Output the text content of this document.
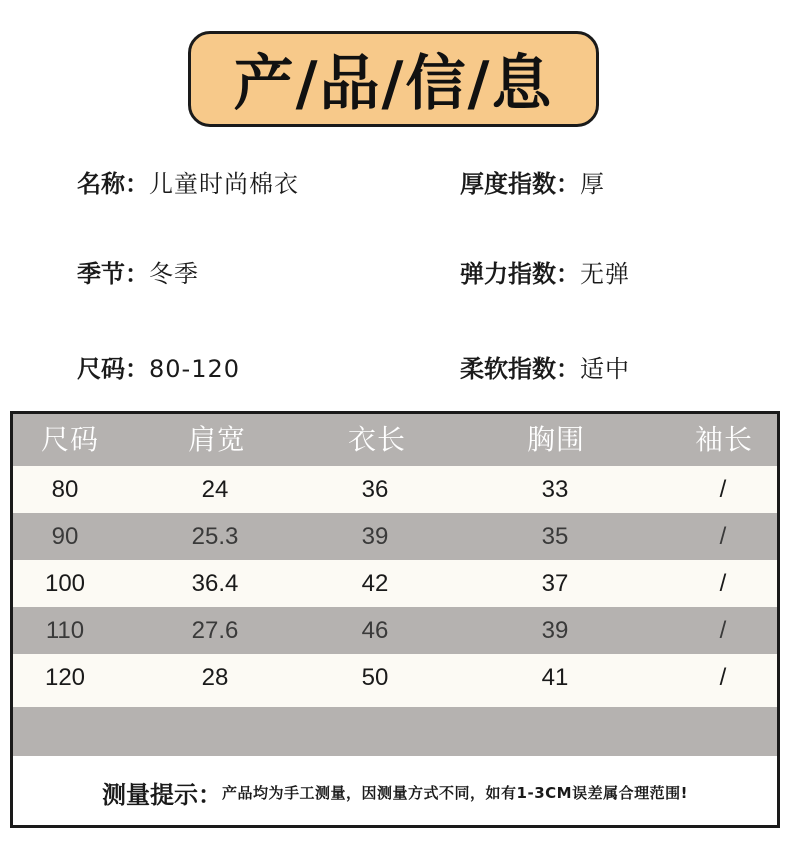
产/品/信/息
名称：儿童时尚棉衣	厚度指数：厚
季节：冬季	弹力指数：无弹
尺码：80-120	柔软指数：适中
尺码	肩宽	衣长	胸围	袖长
80	24	36	33	/
90	25.3	39	35	/
100	36.4	42	37	/
110	27.6	46	39	/
120	28	50	41	/
测量提示： 产品均为手工测量，因测量方式不同，如有1-3CM误差属合理范围!
